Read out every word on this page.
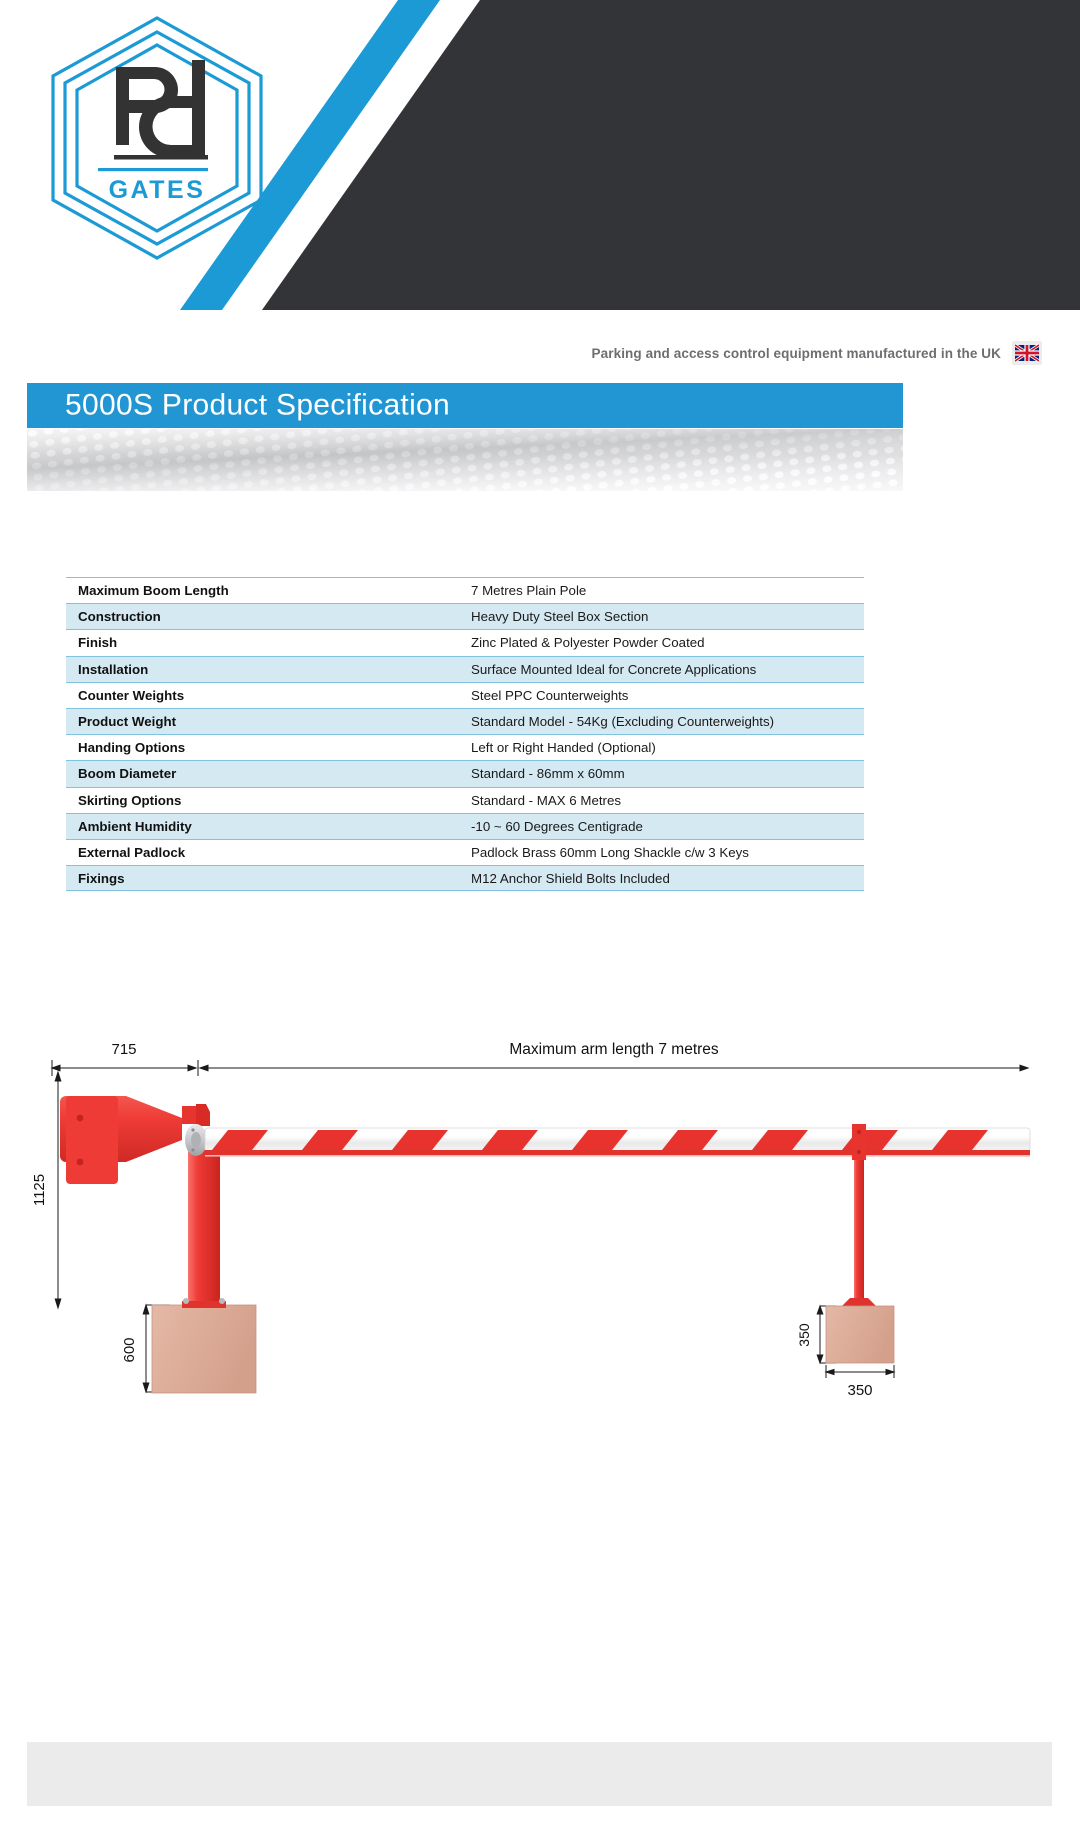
GATES
Parking and access control equipment manufactured in the UK
5000S Product Specification
Maximum Boom Length	7 Metres Plain Pole
Construction	Heavy Duty Steel Box Section
Finish	Zinc Plated & Polyester Powder Coated
Installation	Surface Mounted Ideal for Concrete Applications
Counter Weights	Steel PPC Counterweights
Product Weight	Standard Model - 54Kg (Excluding Counterweights)
Handing Options	Left or Right Handed (Optional)
Boom Diameter	Standard - 86mm x 60mm
Skirting Options	Standard - MAX 6 Metres
Ambient Humidity	-10 ~ 60 Degrees Centigrade
External Padlock	Padlock Brass 60mm Long Shackle c/w 3 Keys
Fixings	M12 Anchor Shield Bolts Included
715	Maximum arm length 7 metres
1125
600
350
350
